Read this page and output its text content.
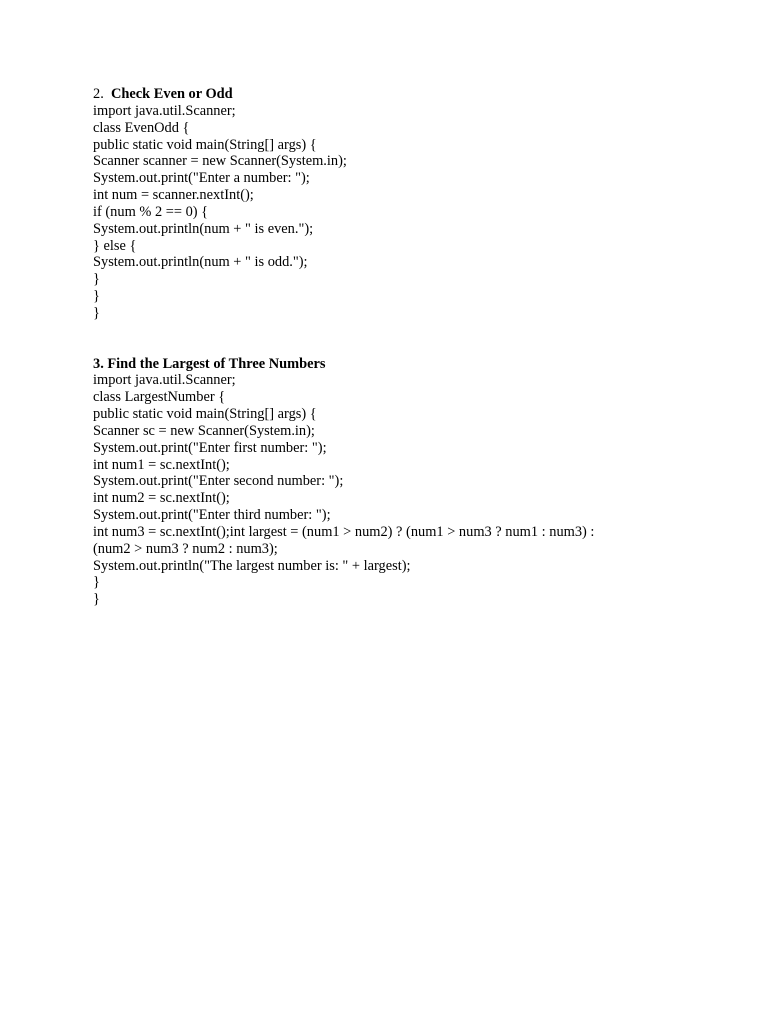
2.  Check Even or Odd
import java.util.Scanner;
class EvenOdd {
public static void main(String[] args) {
Scanner scanner = new Scanner(System.in);
System.out.print("Enter a number: ");
int num = scanner.nextInt();
if (num % 2 == 0) {
System.out.println(num + " is even.");
} else {
System.out.println(num + " is odd.");
}
}
}
3. Find the Largest of Three Numbers
import java.util.Scanner;
class LargestNumber {
public static void main(String[] args) {
Scanner sc = new Scanner(System.in);
System.out.print("Enter first number: ");
int num1 = sc.nextInt();
System.out.print("Enter second number: ");
int num2 = sc.nextInt();
System.out.print("Enter third number: ");
int num3 = sc.nextInt();int largest = (num1 > num2) ? (num1 > num3 ? num1 : num3) :
(num2 > num3 ? num2 : num3);
System.out.println("The largest number is: " + largest);
}
}
